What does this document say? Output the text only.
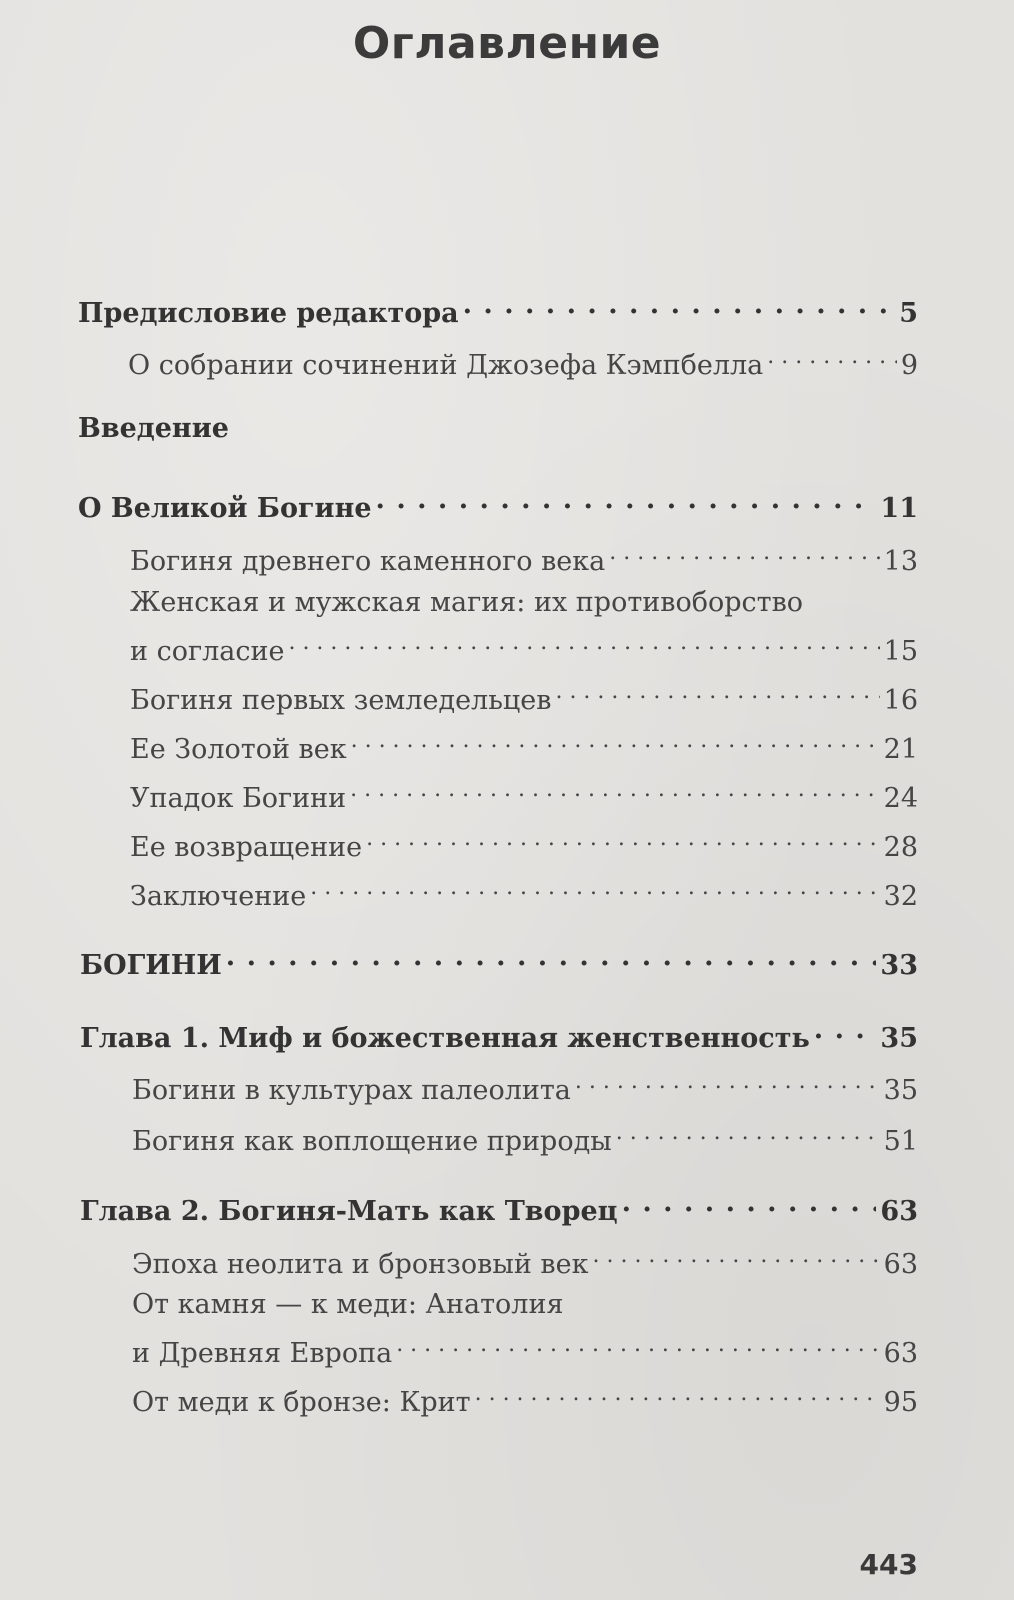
Оглавление
Предисловие редактора . . .	5
О собрании сочинений Джозефа Кэмпбелла . . .	9
Введение
О Великой Богине . . .	11
Богиня древнего каменного века . . .	13
Женская и мужская магия: их противоборство
и согласие . . .	15
Богиня первых земледельцев . . .	16
Ее Золотой век . . .	21
Упадок Богини . . .	24
Ее возвращение . . .	28
Заключение . . .	32
БОГИНИ . . .	33
Глава 1. Миф и божественная женственность . . .	35
Богини в культурах палеолита . . .	35
Богиня как воплощение природы . . .	51
Глава 2. Богиня-Мать как Творец . . .	63
Эпоха неолита и бронзовый век . . .	63
От камня — к меди: Анатолия
и Древняя Европа . . .	63
От меди к бронзе: Крит . . .	95
443
